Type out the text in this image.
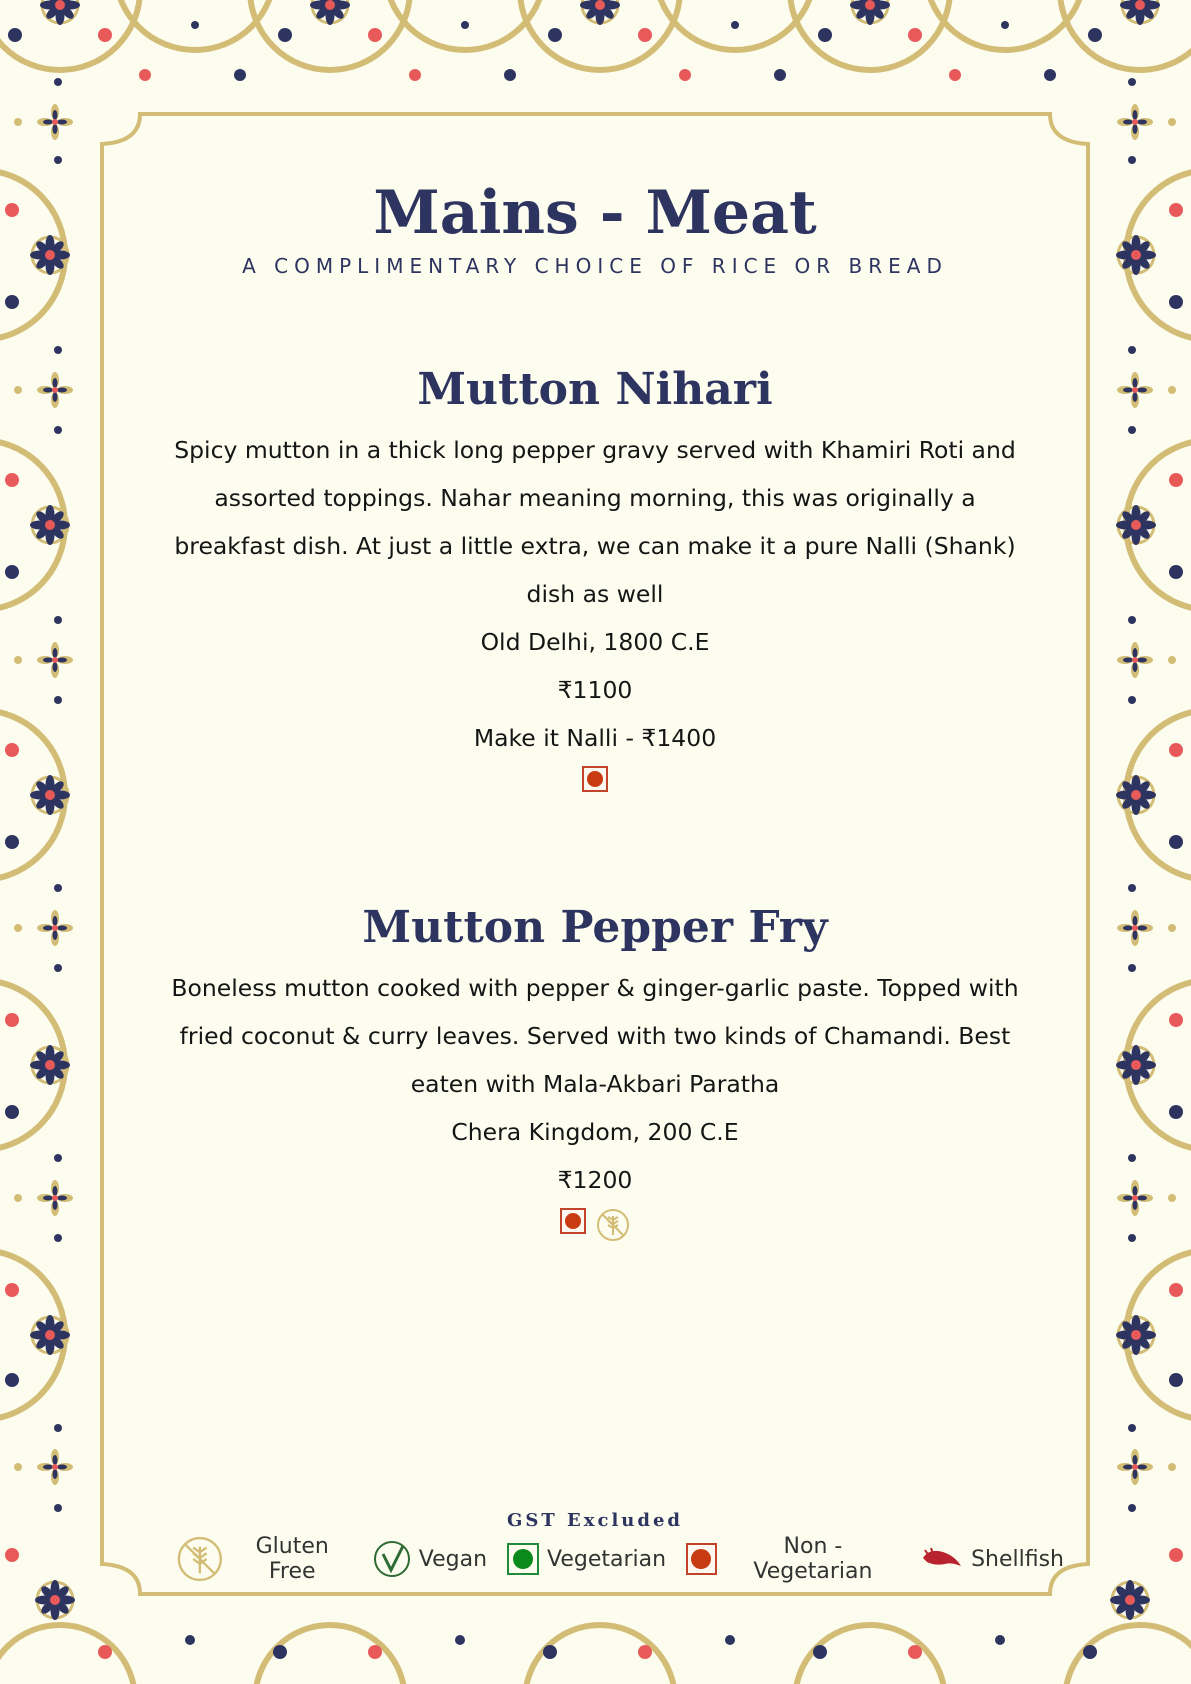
Mains - Meat
A COMPLIMENTARY CHOICE OF RICE OR BREAD
Mutton Nihari
Spicy mutton in a thick long pepper gravy served with Khamiri Roti and assorted toppings. Nahar meaning morning, this was originally a breakfast dish. At just a little extra, we can make it a pure Nalli (Shank) dish as well
Old Delhi, 1800 C.E
₹1100
Make it Nalli - ₹1400
Mutton Pepper Fry
Boneless mutton cooked with pepper & ginger-garlic paste. Topped with fried coconut & curry leaves. Served with two kinds of Chamandi. Best eaten with Mala-Akbari Paratha
Chera Kingdom, 200 C.E
₹1200
GST Excluded
Gluten Free	Vegan	Vegetarian	Non - Vegetarian	Shellfish
